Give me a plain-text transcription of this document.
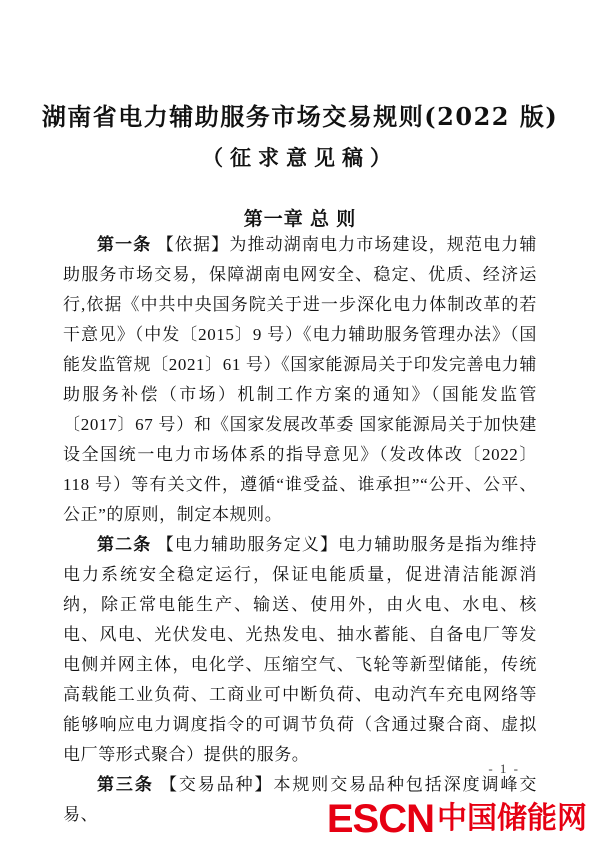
湖南省电力辅助服务市场交易规则(2022 版)
（征求意见稿）
第一章 总 则

第一条 【依据】为推动湖南电力市场建设，规范电力辅助服务市场交易，保障湖南电网安全、稳定、优质、经济运行,依据《中共中央国务院关于进一步深化电力体制改革的若干意见》（中发〔2015〕9 号）《电力辅助服务管理办法》（国能发监管规〔2021〕61 号）《国家能源局关于印发完善电力辅助服务补偿（市场）机制工作方案的通知》（国能发监管〔2017〕67 号）和《国家发展改革委 国家能源局关于加快建设全国统一电力市场体系的指导意见》（发改体改〔2022〕118 号）等有关文件，遵循“谁受益、谁承担”“公开、公平、公正”的原则，制定本规则。

第二条 【电力辅助服务定义】电力辅助服务是指为维持电力系统安全稳定运行，保证电能质量，促进清洁能源消纳，除正常电能生产、输送、使用外，由火电、水电、核电、风电、光伏发电、光热发电、抽水蓄能、自备电厂等发电侧并网主体，电化学、压缩空气、飞轮等新型储能，传统高载能工业负荷、工商业可中断负荷、电动汽车充电网络等能够响应电力调度指令的可调节负荷（含通过聚合商、虚拟电厂等形式聚合）提供的服务。

第三条 【交易品种】本规则交易品种包括深度调峰交易、

- 1 -
ESCN 中国储能网
